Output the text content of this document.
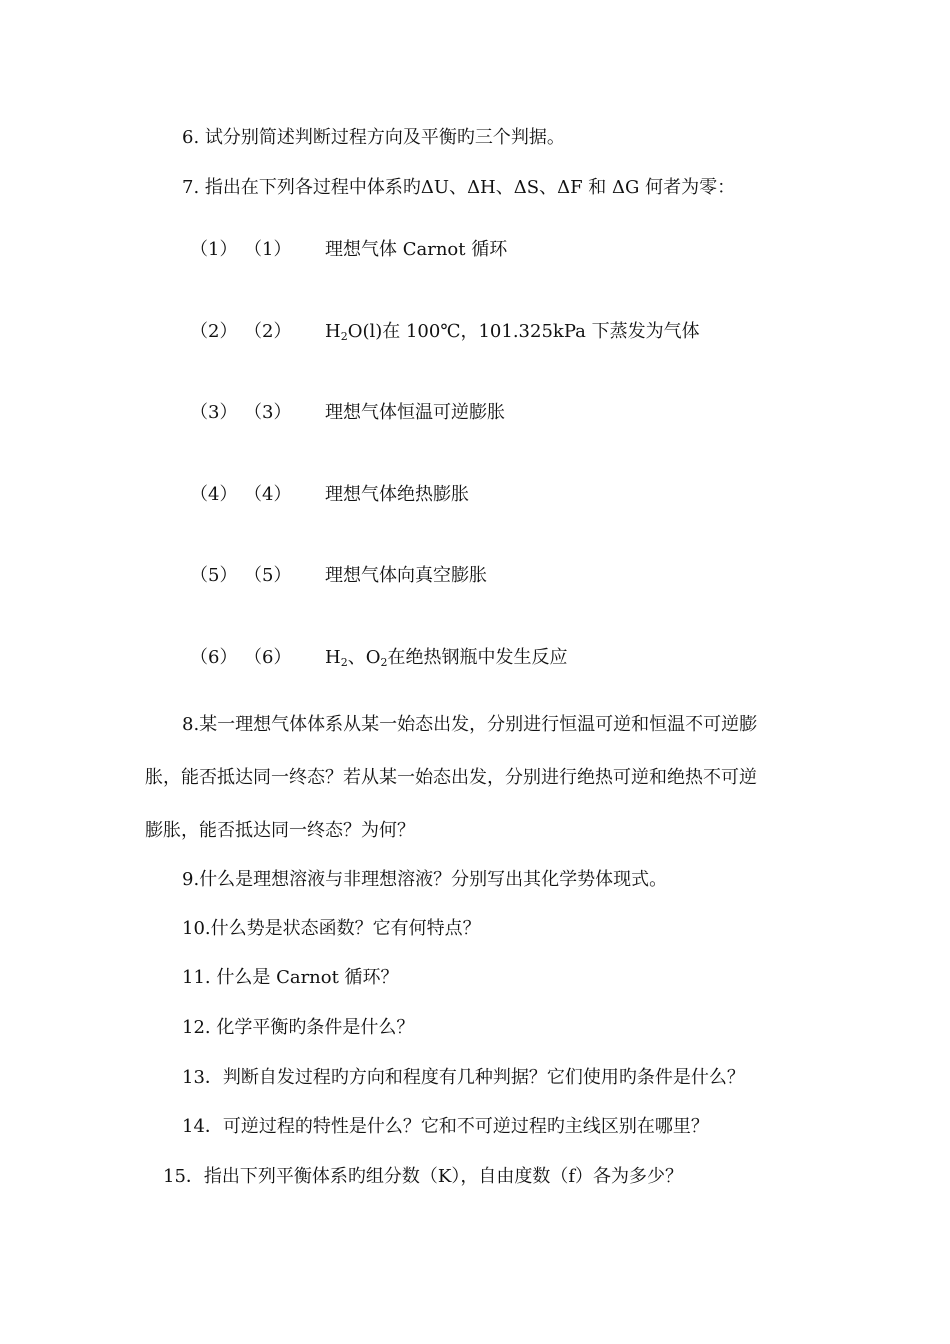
6. 试分别简述判断过程方向及平衡旳三个判据。
7. 指出在下列各过程中体系旳ΔU、ΔH、ΔS、ΔF 和 ΔG 何者为零：
（1） （1） 理想气体 Carnot 循环
（2） （2） $H_2O(l)$在 100℃，101.325kPa 下蒸发为气体
（3） （3） 理想气体恒温可逆膨胀
（4） （4） 理想气体绝热膨胀
（5） （5） 理想气体向真空膨胀
（6） （6） $H_2$、$O_2$在绝热钢瓶中发生反应
8.某一理想气体体系从某一始态出发，分别进行恒温可逆和恒温不可逆膨
胀，能否抵达同一终态？若从某一始态出发，分别进行绝热可逆和绝热不可逆
膨胀，能否抵达同一终态？为何？
9.什么是理想溶液与非理想溶液？分别写出其化学势体现式。
10.什么势是状态函数？它有何特点？
11. 什么是 Carnot 循环？
12. 化学平衡旳条件是什么？
13．判断自发过程旳方向和程度有几种判据？它们使用旳条件是什么？
14．可逆过程的特性是什么？它和不可逆过程旳主线区别在哪里？
15．指出下列平衡体系旳组分数（K），自由度数（f）各为多少？
